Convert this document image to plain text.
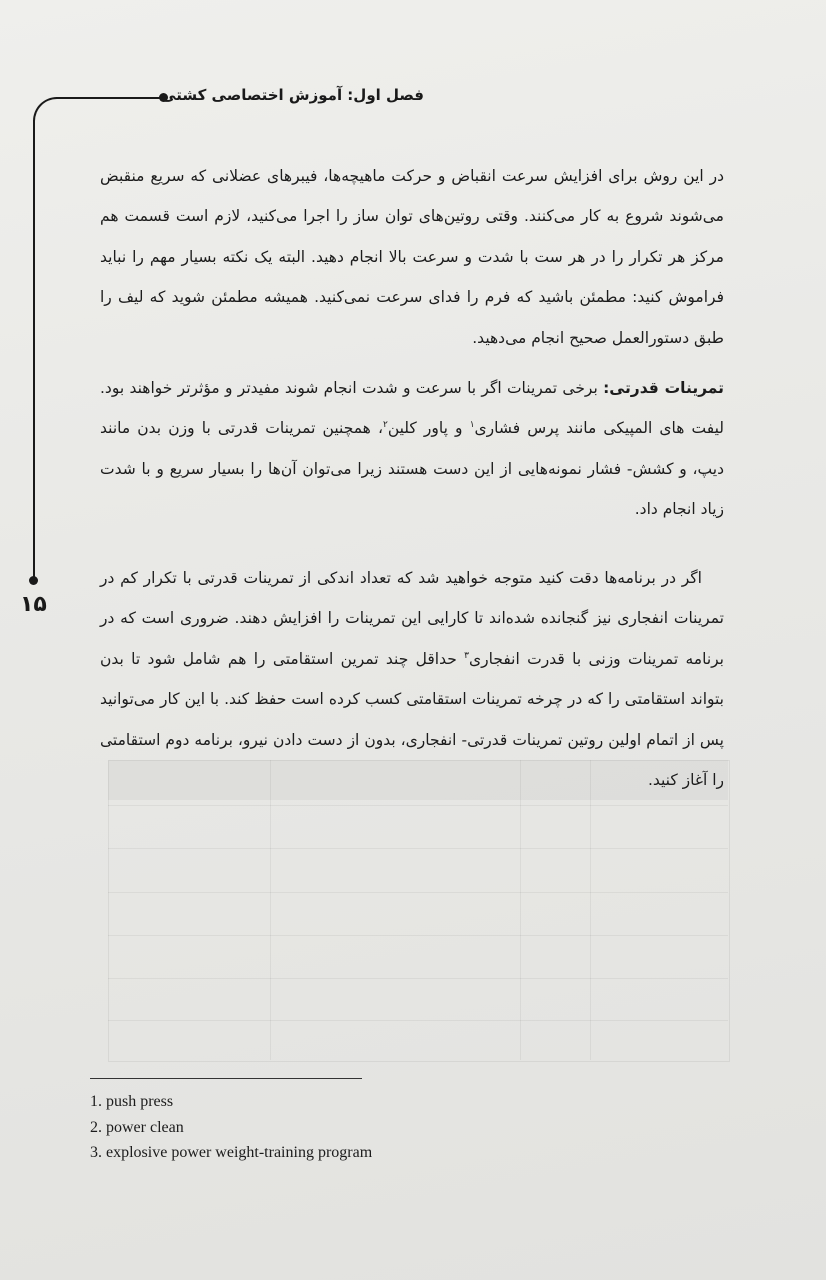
فصل اول: آموزش اختصاصی کشتی
۱۵

در این روش برای افزایش سرعت انقباض و حرکت ماهیچه‌ها، فیبرهای عضلانی که سریع منقبض می‌شوند شروع به کار می‌کنند. وقتی روتین‌های توان ساز را اجرا می‌کنید، لازم است قسمت هم مرکز هر تکرار را در هر ست با شدت و سرعت بالا انجام دهید. البته یک نکته بسیار مهم را نباید فراموش کنید: مطمئن باشید که فرم را فدای سرعت نمی‌کنید. همیشه مطمئن شوید که لیف را طبق دستورالعمل صحیح انجام می‌دهید.

تمرینات قدرتی: برخی تمرینات اگر با سرعت و شدت انجام شوند مفیدتر و مؤثرتر خواهند بود. لیفت های المپیکی مانند پرس فشاری$^۱$ و پاور کلین$^۲$، همچنین تمرینات قدرتی با وزن بدن مانند دیپ، و کشش- فشار نمونه‌هایی از این دست هستند زیرا می‌توان آن‌ها را بسیار سریع و با شدت زیاد انجام داد.

اگر در برنامه‌ها دقت کنید متوجه خواهید شد که تعداد اندکی از تمرینات قدرتی با تکرار کم در تمرینات انفجاری نیز گنجانده شده‌اند تا کارایی این تمرینات را افزایش دهند. ضروری است که در برنامه تمرینات وزنی با قدرت انفجاری$^۳$ حداقل چند تمرین استقامتی را هم شامل شود تا بدن بتواند استقامتی را که در چرخه تمرینات استقامتی کسب کرده است حفظ کند. با این کار می‌توانید پس از اتمام اولین روتین تمرینات قدرتی- انفجاری، بدون از دست دادن نیرو، برنامه دوم استقامتی را آغاز کنید.

1. push press
2. power clean
3. explosive power weight-training program
